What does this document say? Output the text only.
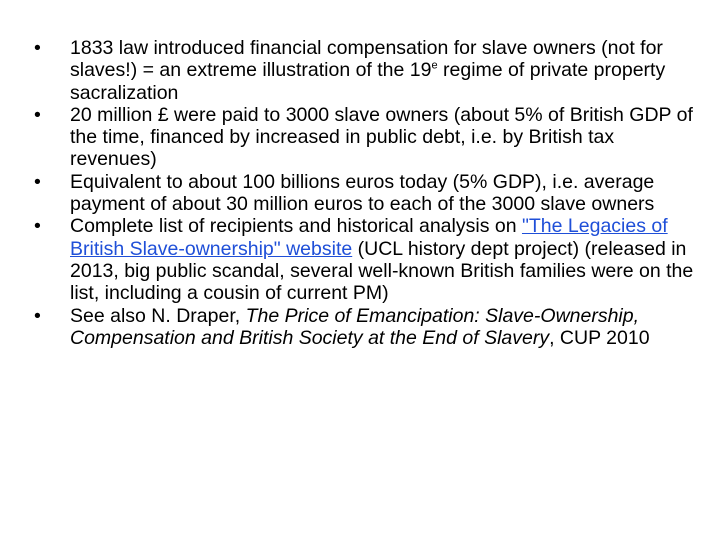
•	1833 law introduced financial compensation for slave owners (not for slaves!) = an extreme illustration of the 19e regime of private property sacralization
•	20 million £ were paid to 3000 slave owners (about 5% of British GDP of the time, financed by increased in public debt, i.e. by British tax revenues)
•	Equivalent to about 100 billions euros today (5% GDP), i.e. average payment of about 30 million euros to each of the 3000 slave owners
•	Complete list of recipients and historical analysis on "The Legacies of British Slave-ownership" website (UCL history dept project) (released in 2013, big public scandal, several well-known British families were on the list, including a cousin of current PM)
•	See also N. Draper, The Price of Emancipation: Slave-Ownership, Compensation and British Society at the End of Slavery, CUP 2010
